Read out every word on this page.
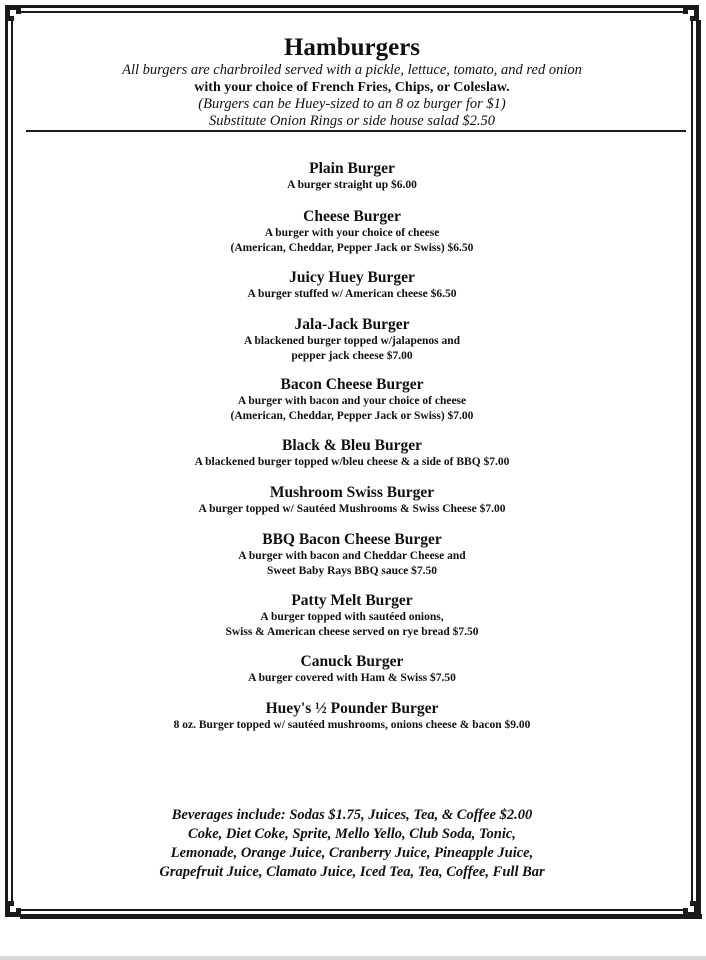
Hamburgers

All burgers are charbroiled served with a pickle, lettuce, tomato, and red onion

with your choice of French Fries, Chips, or Coleslaw.

(Burgers can be Huey-sized to an 8 oz burger for $1)

Substitute Onion Rings or side house salad $2.50

Plain Burger

A burger straight up $6.00

Cheese Burger

A burger with your choice of cheese

(American, Cheddar, Pepper Jack or Swiss) $6.50

Juicy Huey Burger

A burger stuffed w/ American cheese $6.50

Jala-Jack Burger

A blackened burger topped w/jalapenos and

pepper jack cheese $7.00

Bacon Cheese Burger

A burger with bacon and your choice of cheese

(American, Cheddar, Pepper Jack or Swiss) $7.00

Black & Bleu Burger

A blackened burger topped w/bleu cheese & a side of BBQ $7.00

Mushroom Swiss Burger

A burger topped w/ Sautéed Mushrooms & Swiss Cheese $7.00

BBQ Bacon Cheese Burger

A burger with bacon and Cheddar Cheese and

Sweet Baby Rays BBQ sauce $7.50

Patty Melt Burger

A burger topped with sautéed onions,

Swiss & American cheese served on rye bread $7.50

Canuck Burger

A burger covered with Ham & Swiss $7.50

Huey's ½ Pounder Burger

8 oz. Burger topped w/ sautéed mushrooms, onions cheese & bacon $9.00

Beverages include: Sodas $1.75, Juices, Tea, & Coffee $2.00

Coke, Diet Coke, Sprite, Mello Yello, Club Soda, Tonic,

Lemonade, Orange Juice, Cranberry Juice, Pineapple Juice,

Grapefruit Juice, Clamato Juice, Iced Tea, Tea, Coffee, Full Bar
